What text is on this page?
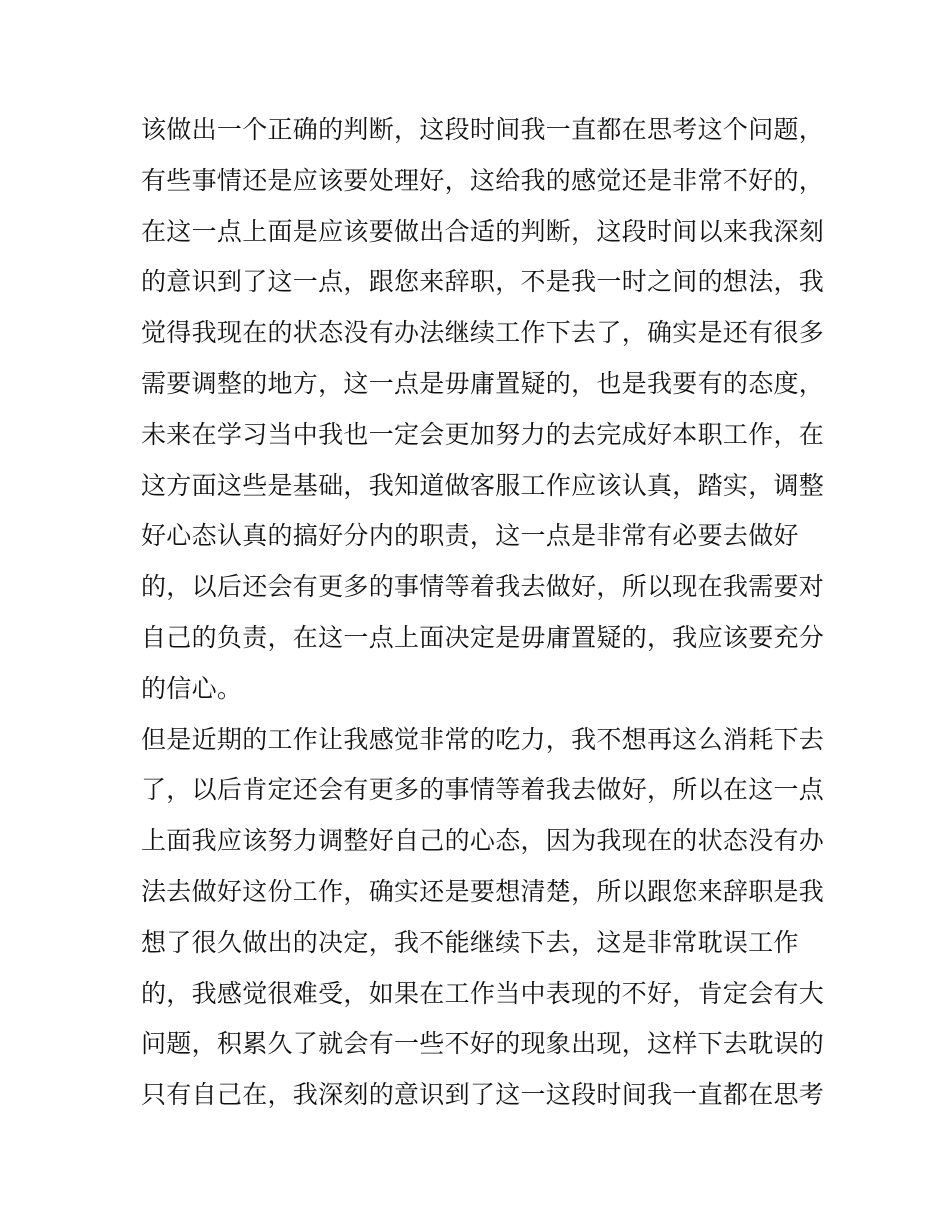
该做出一个正确的判断，这段时间我一直都在思考这个问题，
有些事情还是应该要处理好，这给我的感觉还是非常不好的，
在这一点上面是应该要做出合适的判断，这段时间以来我深刻
的意识到了这一点，跟您来辞职，不是我一时之间的想法，我
觉得我现在的状态没有办法继续工作下去了，确实是还有很多
需要调整的地方，这一点是毋庸置疑的，也是我要有的态度，
未来在学习当中我也一定会更加努力的去完成好本职工作，在
这方面这些是基础，我知道做客服工作应该认真，踏实，调整
好心态认真的搞好分内的职责，这一点是非常有必要去做好
的，以后还会有更多的事情等着我去做好，所以现在我需要对
自己的负责，在这一点上面决定是毋庸置疑的，我应该要充分
的信心。
但是近期的工作让我感觉非常的吃力，我不想再这么消耗下去
了，以后肯定还会有更多的事情等着我去做好，所以在这一点
上面我应该努力调整好自己的心态，因为我现在的状态没有办
法去做好这份工作，确实还是要想清楚，所以跟您来辞职是我
想了很久做出的决定，我不能继续下去，这是非常耽误工作
的，我感觉很难受，如果在工作当中表现的不好，肯定会有大
问题，积累久了就会有一些不好的现象出现，这样下去耽误的
只有自己在，我深刻的意识到了这一这段时间我一直都在思考
